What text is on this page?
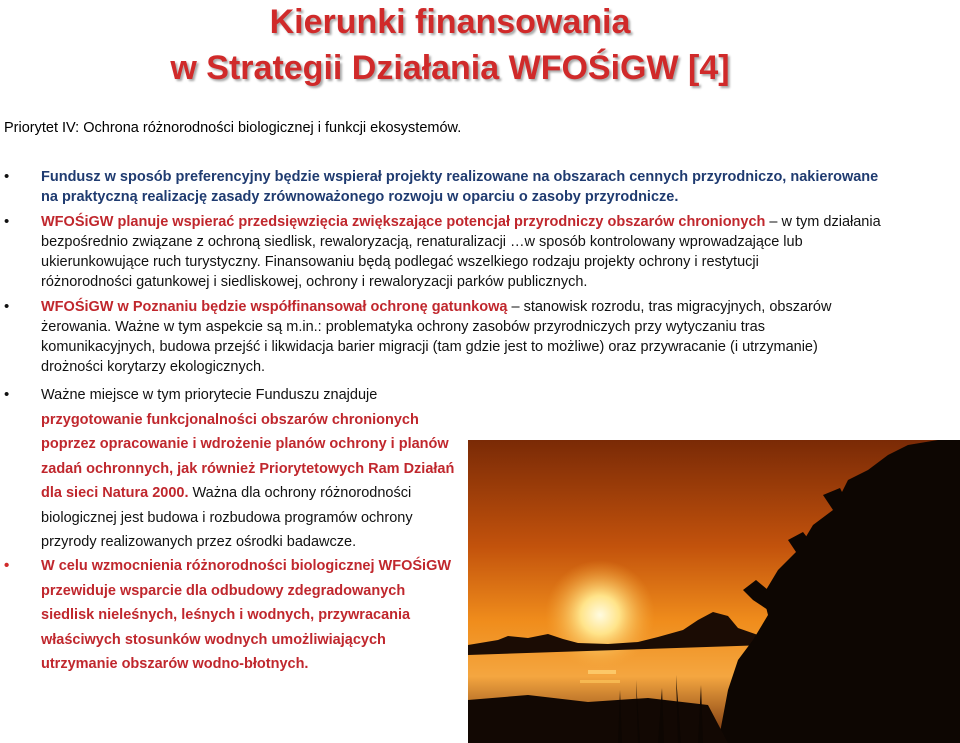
Kierunki finansowania
w Strategii Działania WFOŚiGW [4]
Priorytet IV: Ochrona różnorodności biologicznej i funkcji ekosystemów.
• Fundusz w sposób preferencyjny będzie wspierał projekty realizowane na obszarach cennych przyrodniczo, nakierowane
na praktyczną realizację zasady zrównoważonego rozwoju w oparciu o zasoby przyrodnicze.
• WFOŚiGW planuje wspierać przedsięwzięcia zwiększające potencjał przyrodniczy obszarów chronionych – w tym działania
bezpośrednio związane z ochroną siedlisk, rewaloryzacją, renaturalizacji …w sposób kontrolowany wprowadzające lub
ukierunkowujące ruch turystyczny. Finansowaniu będą podlegać wszelkiego rodzaju projekty ochrony i restytucji
różnorodności gatunkowej i siedliskowej, ochrony i rewaloryzacji parków publicznych.
• WFOŚiGW w Poznaniu będzie współfinansował ochronę gatunkową – stanowisk rozrodu, tras migracyjnych, obszarów
żerowania. Ważne w tym aspekcie są m.in.: problematyka ochrony zasobów przyrodniczych przy wytyczaniu tras
komunikacyjnych, budowa przejść i likwidacja barier migracji (tam gdzie jest to możliwe) oraz przywracanie (i utrzymanie)
drożności korytarzy ekologicznych.
• Ważne miejsce w tym priorytecie Funduszu znajduje
przygotowanie funkcjonalności obszarów chronionych
poprzez opracowanie i wdrożenie planów ochrony i planów
zadań ochronnych, jak również Priorytetowych Ram Działań
dla sieci Natura 2000. Ważna dla ochrony różnorodności
biologicznej jest budowa i rozbudowa programów ochrony
przyrody realizowanych przez ośrodki badawcze.
• W celu wzmocnienia różnorodności biologicznej WFOŚiGW
przewiduje wsparcie dla odbudowy zdegradowanych
siedlisk nieleśnych, leśnych i wodnych, przywracania
właściwych stosunków wodnych umożliwiających
utrzymanie obszarów wodno-błotnych.
